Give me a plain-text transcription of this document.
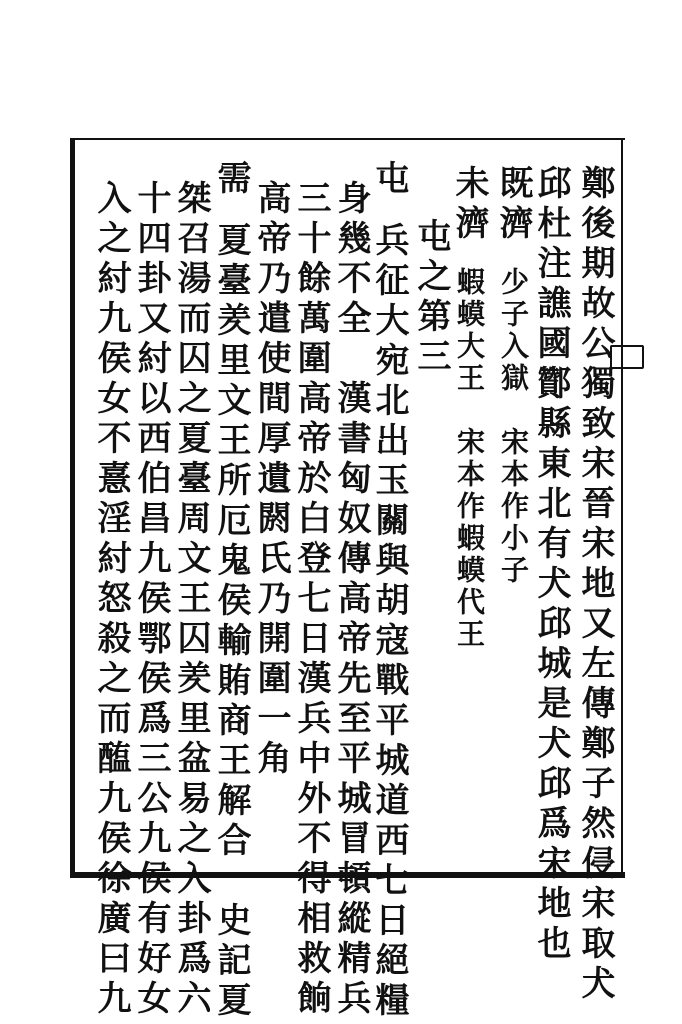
鄭後期故公獨致宋晉宋地又左傳鄭子然侵宋取犬
邱杜注譙國酇縣東北有犬邱城是犬邱爲宋地也
既濟少子入獄　宋本作小子
未濟蝦蟆大王　宋本作蝦蟆代王
屯之第三
屯兵征大宛北出玉關與胡寇戰平城道西七日絕糧
身幾不全　漢書匈奴傳高帝先至平城冒頓縱精兵
三十餘萬圍高帝於白登七日漢兵中外不得相救餉
高帝乃遣使間厚遺閼氏乃開圍一角
需夏臺羑里文王所厄鬼侯輸賄商王解合　史記夏
桀召湯而囚之夏臺周文王囚羑里盆易之入卦爲六
十四卦又紂以西伯昌九侯鄂侯爲三公九侯有好女
入之紂九侯女不憙淫紂怒殺之而醢九侯徐廣曰九
